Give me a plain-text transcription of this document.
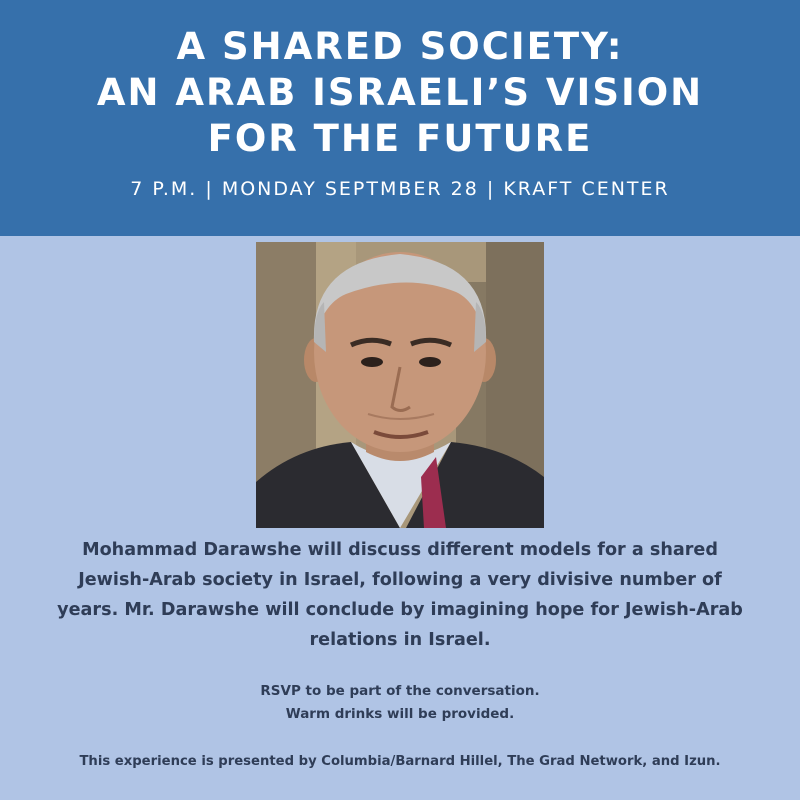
A SHARED SOCIETY:
AN ARAB ISRAELI’S VISION
FOR THE FUTURE
7 P.M. | MONDAY SEPTMBER 28 | KRAFT CENTER
Mohammad Darawshe will discuss different models for a shared
Jewish-Arab society in Israel, following a very divisive number of
years. Mr. Darawshe will conclude by imagining hope for Jewish-Arab
relations in Israel.
RSVP to be part of the conversation.
Warm drinks will be provided.
This experience is presented by Columbia/Barnard Hillel, The Grad Network, and Izun.
